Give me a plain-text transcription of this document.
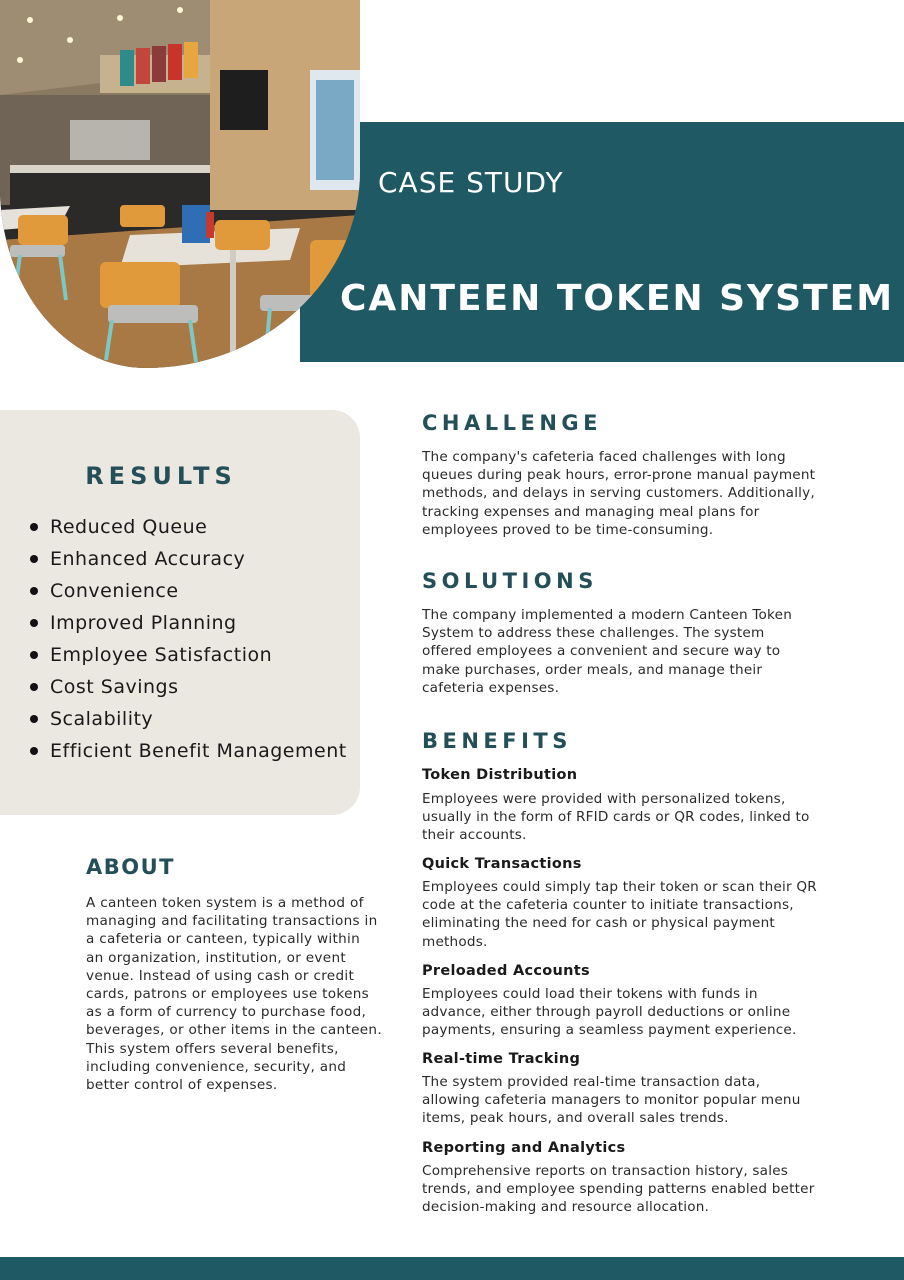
CASE STUDY
CANTEEN TOKEN SYSTEM
RESULTS
Reduced Queue
Enhanced Accuracy
Convenience
Improved Planning
Employee Satisfaction
Cost Savings
Scalability
Efficient Benefit Management
ABOUT

A canteen token system is a method of managing and facilitating transactions in a cafeteria or canteen, typically within an organization, institution, or event venue. Instead of using cash or credit cards, patrons or employees use tokens as a form of currency to purchase food, beverages, or other items in the canteen. This system offers several benefits, including convenience, security, and better control of expenses.

CHALLENGE

The company's cafeteria faced challenges with long queues during peak hours, error-prone manual payment methods, and delays in serving customers. Additionally, tracking expenses and managing meal plans for employees proved to be time-consuming.

SOLUTIONS

The company implemented a modern Canteen Token System to address these challenges. The system offered employees a convenient and secure way to make purchases, order meals, and manage their cafeteria expenses.

BENEFITS
Token Distribution

Employees were provided with personalized tokens, usually in the form of RFID cards or QR codes, linked to their accounts.

Quick Transactions

Employees could simply tap their token or scan their QR code at the cafeteria counter to initiate transactions, eliminating the need for cash or physical payment methods.

Preloaded Accounts

Employees could load their tokens with funds in advance, either through payroll deductions or online payments, ensuring a seamless payment experience.

Real-time Tracking

The system provided real-time transaction data, allowing cafeteria managers to monitor popular menu items, peak hours, and overall sales trends.

Reporting and Analytics

Comprehensive reports on transaction history, sales trends, and employee spending patterns enabled better decision-making and resource allocation.
